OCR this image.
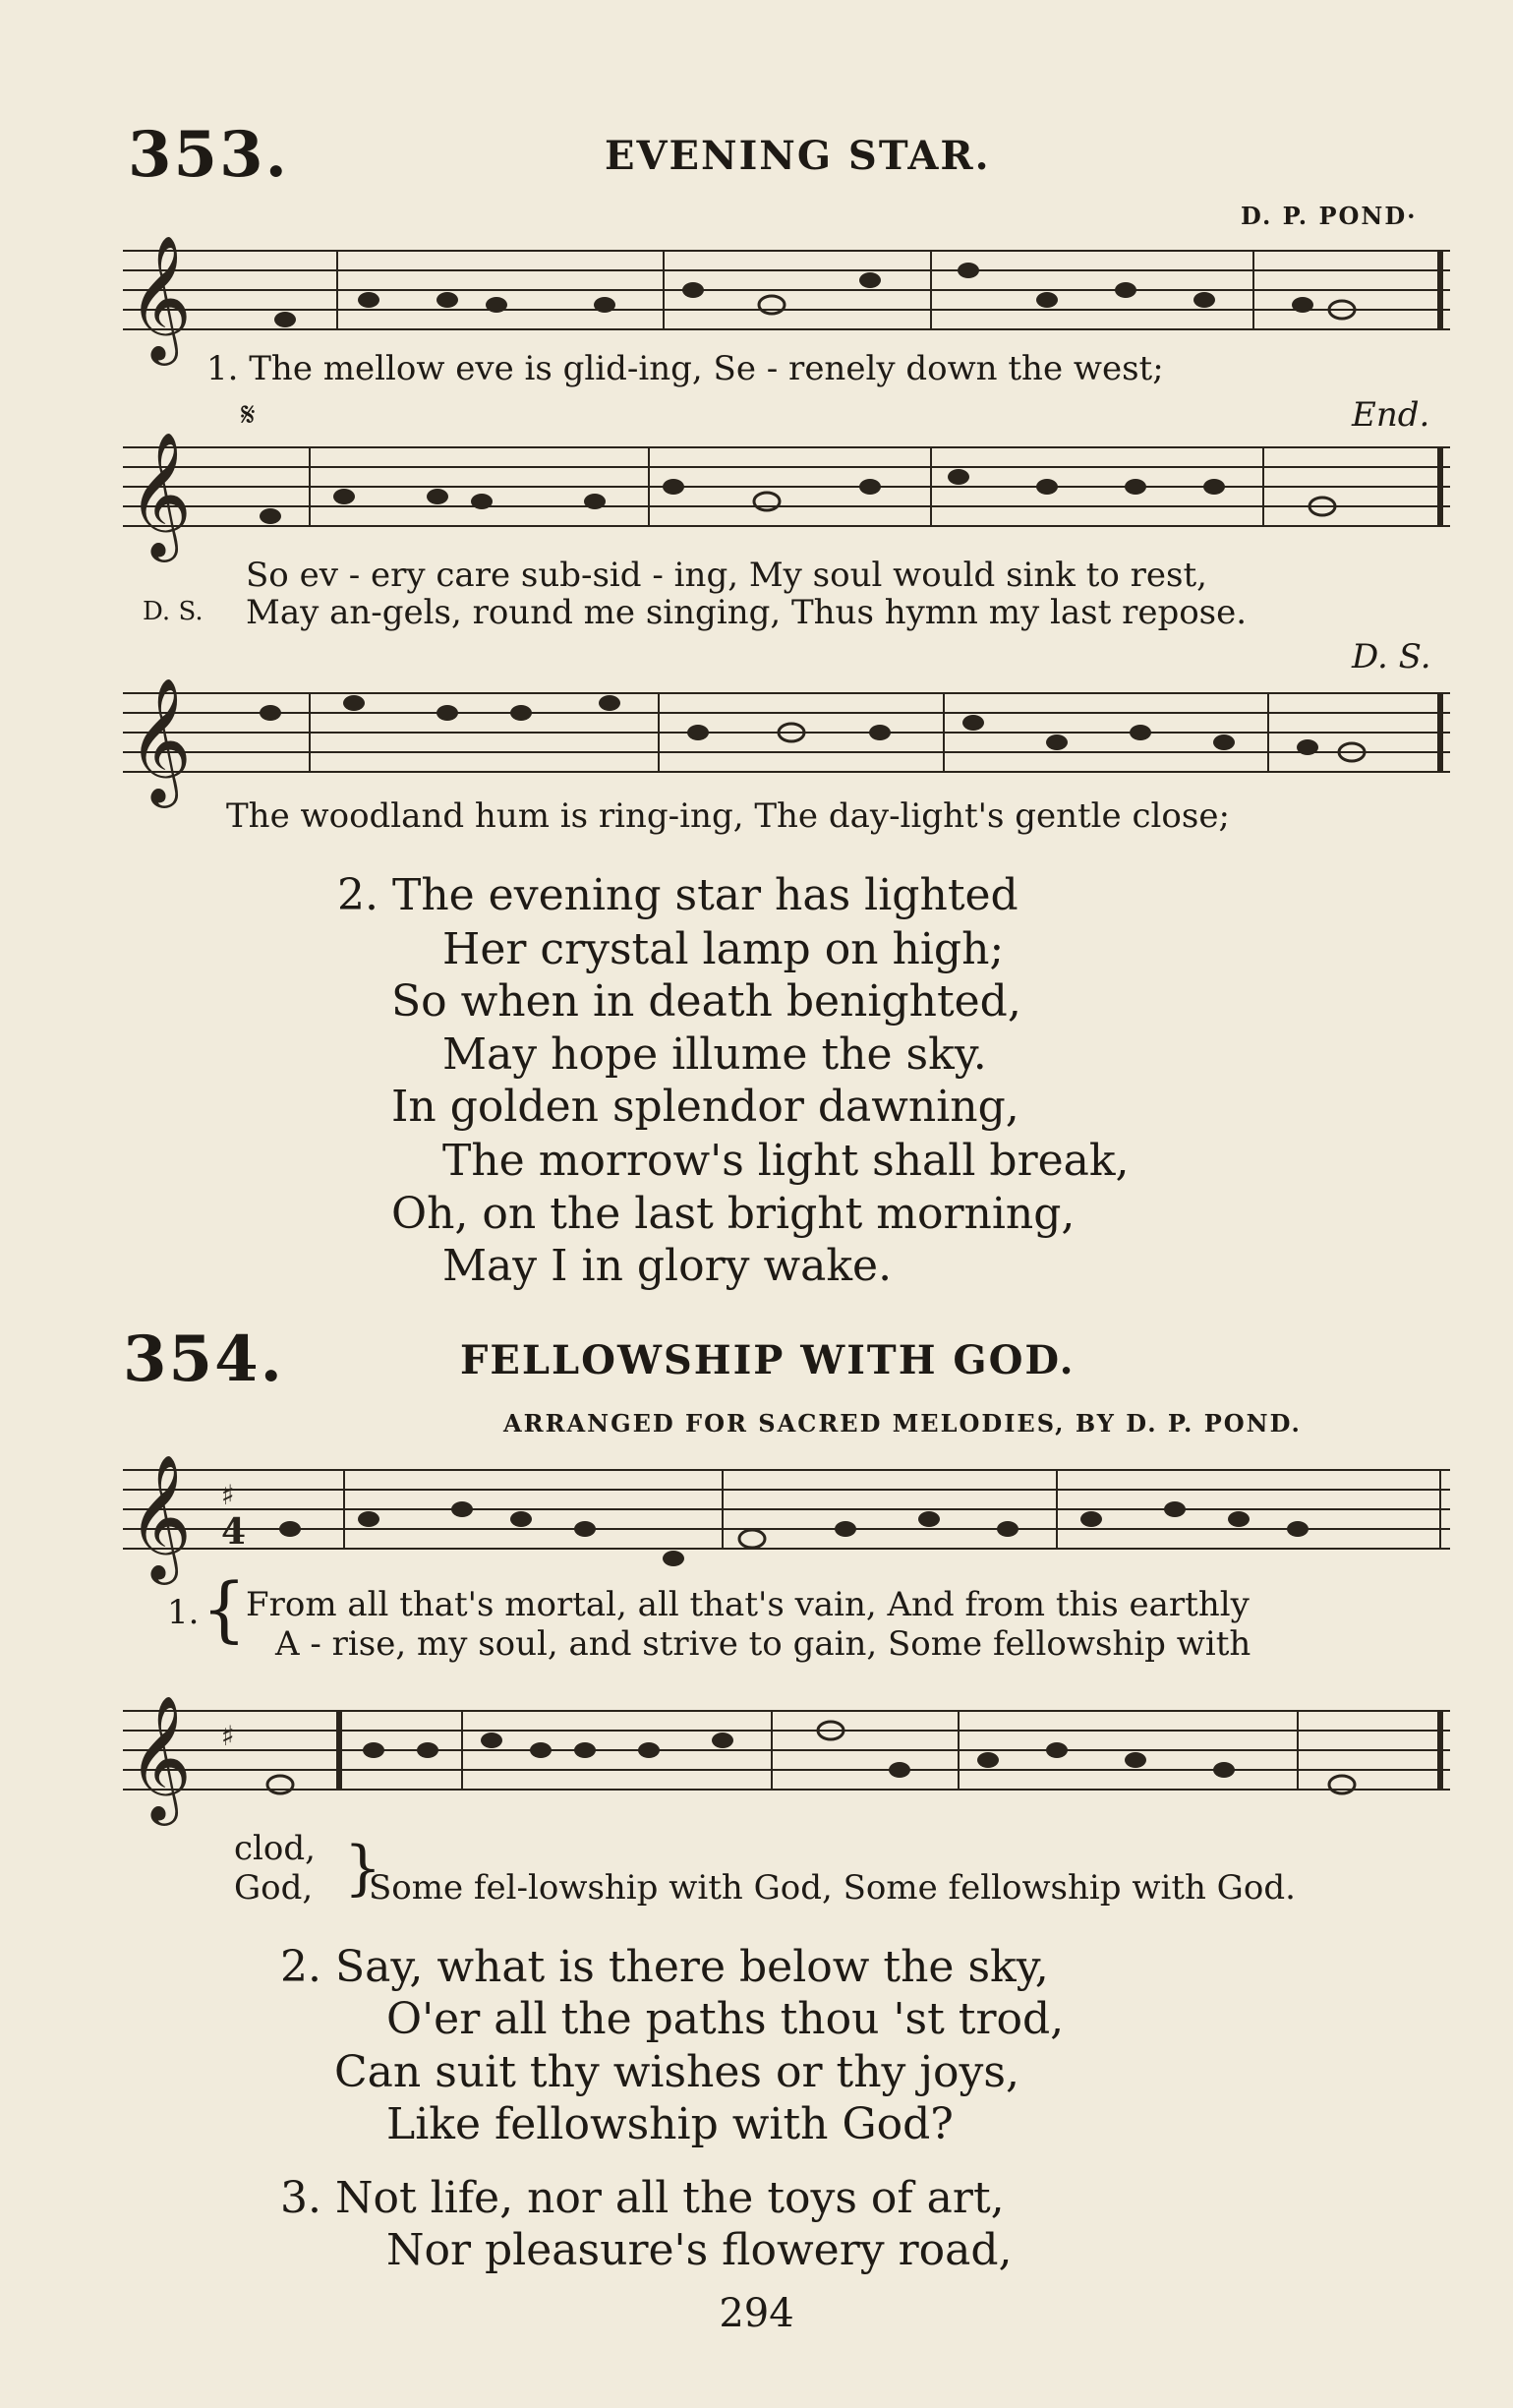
353.	EVENING STAR.
D. P. POND·
𝄞
1. The mellow eve is glid-ing, Se - renely down the west;
𝄋	End.
𝄞
So ev - ery care sub-sid - ing, My soul would sink to rest,
D. S. May an-gels, round me singing, Thus hymn my last repose.
D. S.
𝄞
The woodland hum is ring-ing, The day-light's gentle close;
2. The evening star has lighted
Her crystal lamp on high;
So when in death benighted,
May hope illume the sky.
In golden splendor dawning,
The morrow's light shall break,
Oh, on the last bright morning,
May I in glory wake.
354.	FELLOWSHIP WITH GOD.
ARRANGED FOR SACRED MELODIES, BY D. P. POND.
𝄞 ♯
4
1. { From all that's mortal, all that's vain, And from this earthly
A - rise, my soul, and strive to gain, Some fellowship with
𝄞 ♯
clod,
God, }
Some fel-lowship with God, Some fellowship with God.
2. Say, what is there below the sky,
O'er all the paths thou 'st trod,
Can suit thy wishes or thy joys,
Like fellowship with God?
3. Not life, nor all the toys of art,
Nor pleasure's flowery road,
294
